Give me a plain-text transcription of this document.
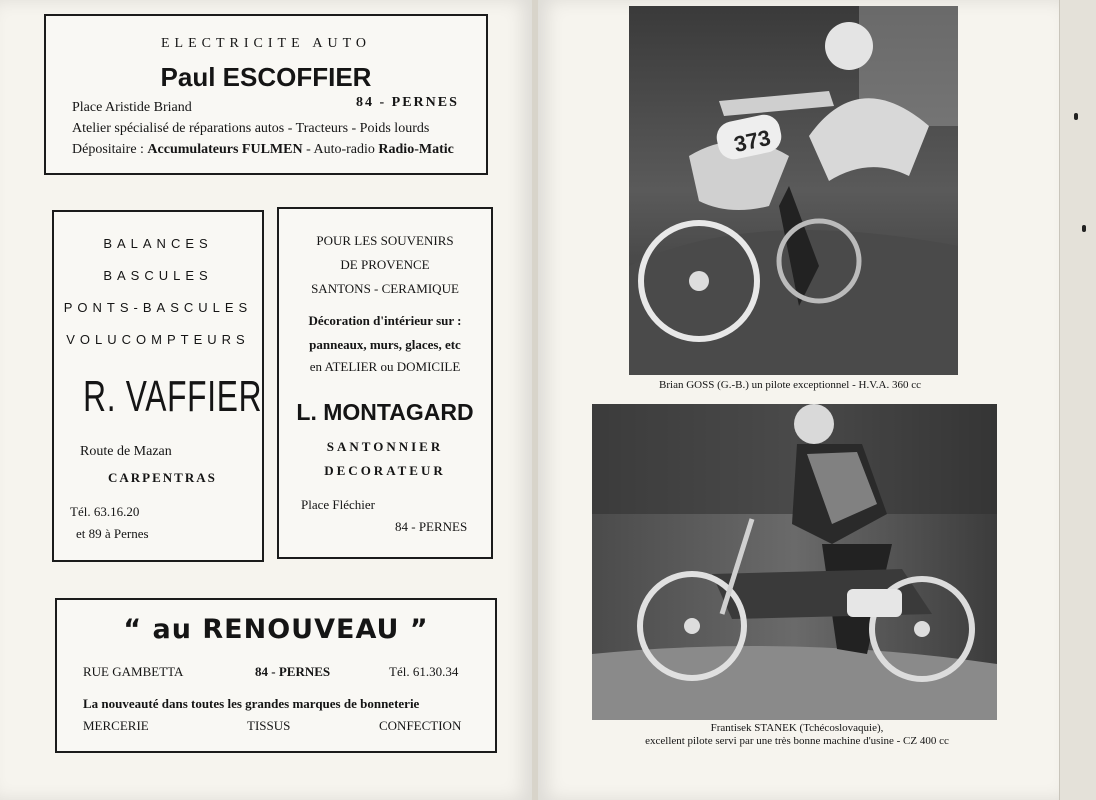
ELECTRICITE AUTO
Paul ESCOFFIER
Place Aristide Briand	84 - PERNES
Atelier spécialisé de réparations autos - Tracteurs - Poids lourds
Dépositaire : Accumulateurs FULMEN - Auto-radio Radio-Matic
BALANCES
BASCULES
PONTS-BASCULES
VOLUCOMPTEURS
R. VAFFIER
Route de Mazan
CARPENTRAS
Tél. 63.16.20
et 89 à Pernes
POUR LES SOUVENIRS
DE PROVENCE
SANTONS - CERAMIQUE
Décoration d'intérieur sur :
panneaux, murs, glaces, etc
en ATELIER ou DOMICILE
L. MONTAGARD
SANTONNIER
DECORATEUR
Place Fléchier
84 - PERNES
“ au RENOUVEAU ”
RUE GAMBETTA	84 - PERNES	Tél. 61.30.34
La nouveauté dans toutes les grandes marques de bonneterie
MERCERIE	TISSUS	CONFECTION
373
Brian GOSS (G.-B.) un pilote exceptionnel - H.V.A. 360 cc
Frantisek STANEK (Tchécoslovaquie),
excellent pilote servi par une très bonne machine d'usine - CZ 400 cc
